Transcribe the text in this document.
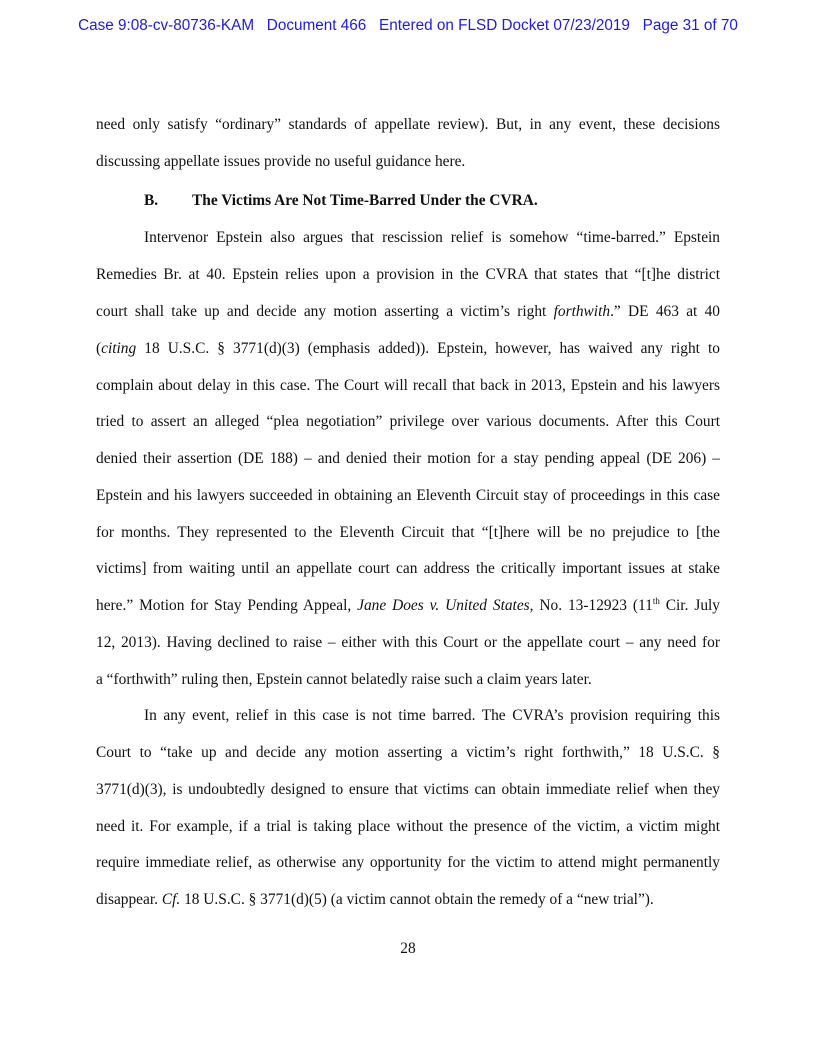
Case 9:08-cv-80736-KAM   Document 466   Entered on FLSD Docket 07/23/2019   Page 31 of 70
need only satisfy “ordinary” standards of appellate review). But, in any event, these decisions
discussing appellate issues provide no useful guidance here.
B. The Victims Are Not Time-Barred Under the CVRA.
Intervenor Epstein also argues that rescission relief is somehow “time-barred.” Epstein
Remedies Br. at 40. Epstein relies upon a provision in the CVRA that states that “[t]he district
court shall take up and decide any motion asserting a victim’s right forthwith.” DE 463 at 40
(citing 18 U.S.C. § 3771(d)(3) (emphasis added)). Epstein, however, has waived any right to
complain about delay in this case. The Court will recall that back in 2013, Epstein and his lawyers
tried to assert an alleged “plea negotiation” privilege over various documents. After this Court
denied their assertion (DE 188) – and denied their motion for a stay pending appeal (DE 206) –
Epstein and his lawyers succeeded in obtaining an Eleventh Circuit stay of proceedings in this case
for months. They represented to the Eleventh Circuit that “[t]here will be no prejudice to [the
victims] from waiting until an appellate court can address the critically important issues at stake
here.” Motion for Stay Pending Appeal, Jane Does v. United States, No. 13-12923 (11th Cir. July
12, 2013). Having declined to raise – either with this Court or the appellate court – any need for
a “forthwith” ruling then, Epstein cannot belatedly raise such a claim years later.
In any event, relief in this case is not time barred. The CVRA’s provision requiring this
Court to “take up and decide any motion asserting a victim’s right forthwith,” 18 U.S.C. §
3771(d)(3), is undoubtedly designed to ensure that victims can obtain immediate relief when they
need it. For example, if a trial is taking place without the presence of the victim, a victim might
require immediate relief, as otherwise any opportunity for the victim to attend might permanently
disappear. Cf. 18 U.S.C. § 3771(d)(5) (a victim cannot obtain the remedy of a “new trial”).
28
